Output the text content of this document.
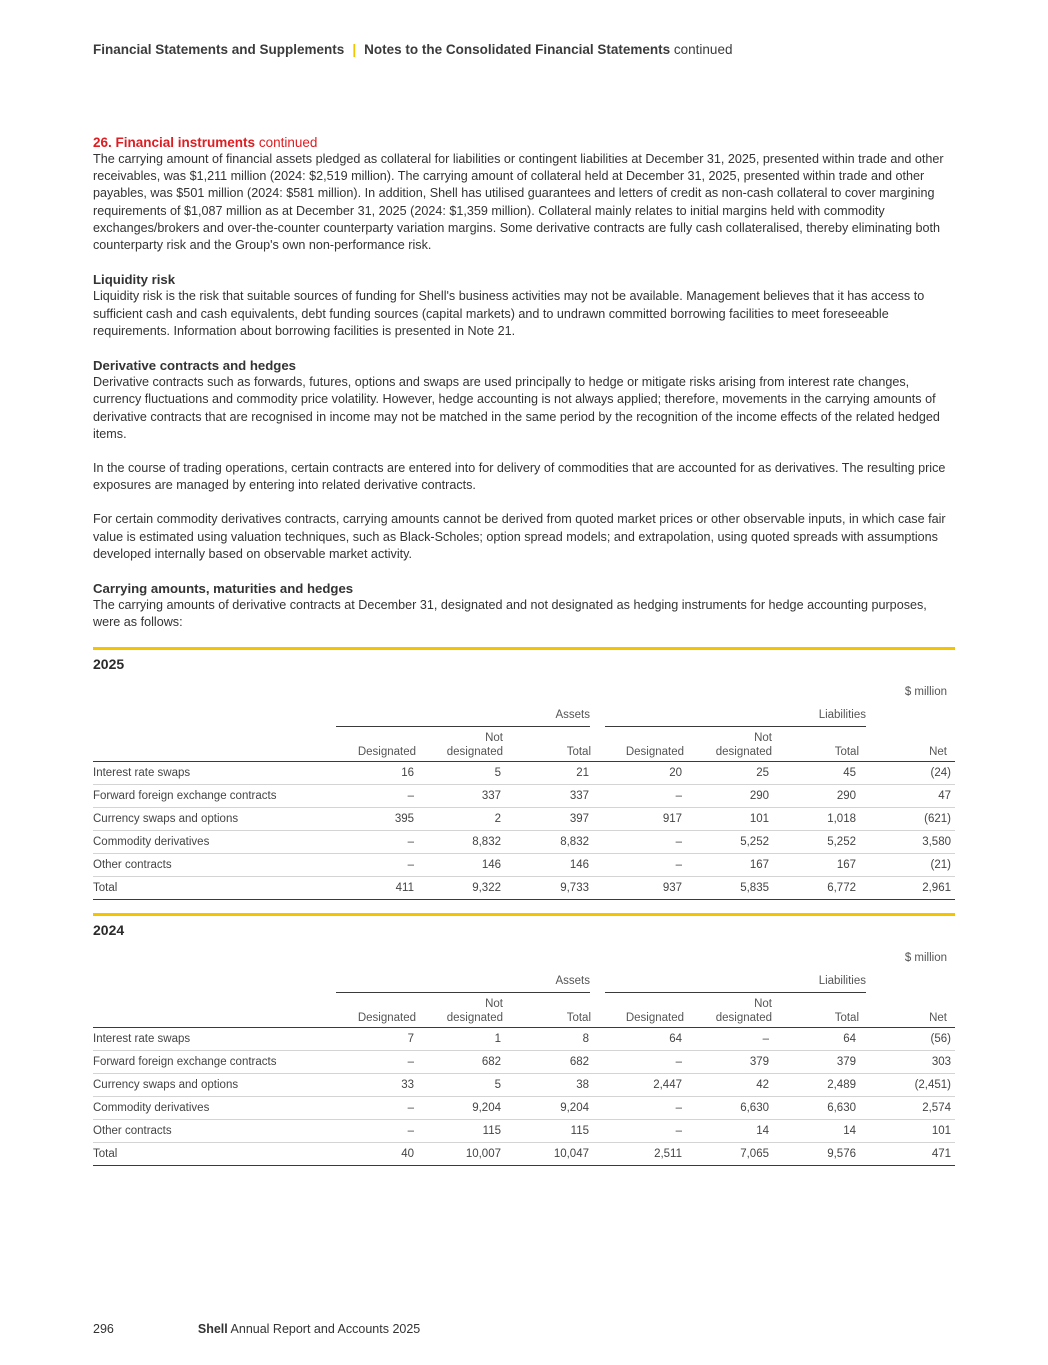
Financial Statements and Supplements | Notes to the Consolidated Financial Statements continued
26. Financial instruments continued

The carrying amount of financial assets pledged as collateral for liabilities or contingent liabilities at December 31, 2025, presented within trade and other receivables, was $1,211 million (2024: $2,519 million). The carrying amount of collateral held at December 31, 2025, presented within trade and other payables, was $501 million (2024: $581 million). In addition, Shell has utilised guarantees and letters of credit as non-cash collateral to cover margining requirements of $1,087 million as at December 31, 2025 (2024: $1,359 million). Collateral mainly relates to initial margins held with commodity exchanges/brokers and over-the-counter counterparty variation margins. Some derivative contracts are fully cash collateralised, thereby eliminating both counterparty risk and the Group's own non-performance risk.

Liquidity risk

Liquidity risk is the risk that suitable sources of funding for Shell's business activities may not be available. Management believes that it has access to sufficient cash and cash equivalents, debt funding sources (capital markets) and to undrawn committed borrowing facilities to meet foreseeable requirements. Information about borrowing facilities is presented in Note 21.

Derivative contracts and hedges

Derivative contracts such as forwards, futures, options and swaps are used principally to hedge or mitigate risks arising from interest rate changes, currency fluctuations and commodity price volatility. However, hedge accounting is not always applied; therefore, movements in the carrying amounts of derivative contracts that are recognised in income may not be matched in the same period by the recognition of the income effects of the related hedged items.

In the course of trading operations, certain contracts are entered into for delivery of commodities that are accounted for as derivatives. The resulting price exposures are managed by entering into related derivative contracts.

For certain commodity derivatives contracts, carrying amounts cannot be derived from quoted market prices or other observable inputs, in which case fair value is estimated using valuation techniques, such as Black-Scholes; option spread models; and extrapolation, using quoted spreads with assumptions developed internally based on observable market activity.

Carrying amounts, maturities and hedges

The carrying amounts of derivative contracts at December 31, designated and not designated as hedging instruments for hedge accounting purposes, were as follows:

2025
$ million
Assets	Liabilities
Designated
Not
designated	Total	Designated
Not
designated	Total	Net
Interest rate swaps	16	5	21	20	25	45	(24)
Forward foreign exchange contracts	–	337	337	–	290	290	47
Currency swaps and options	395	2	397	917	101	1,018	(621)
Commodity derivatives	–	8,832	8,832	–	5,252	5,252	3,580
Other contracts	–	146	146	–	167	167	(21)
Total	411	9,322	9,733	937	5,835	6,772	2,961
2024
$ million
Assets	Liabilities
Designated
Not
designated	Total	Designated
Not
designated	Total	Net
Interest rate swaps	7	1	8	64	–	64	(56)
Forward foreign exchange contracts	–	682	682	–	379	379	303
Currency swaps and options	33	5	38	2,447	42	2,489	(2,451)
Commodity derivatives	–	9,204	9,204	–	6,630	6,630	2,574
Other contracts	–	115	115	–	14	14	101
Total	40	10,007	10,047	2,511	7,065	9,576	471
296	Shell Annual Report and Accounts 2025
